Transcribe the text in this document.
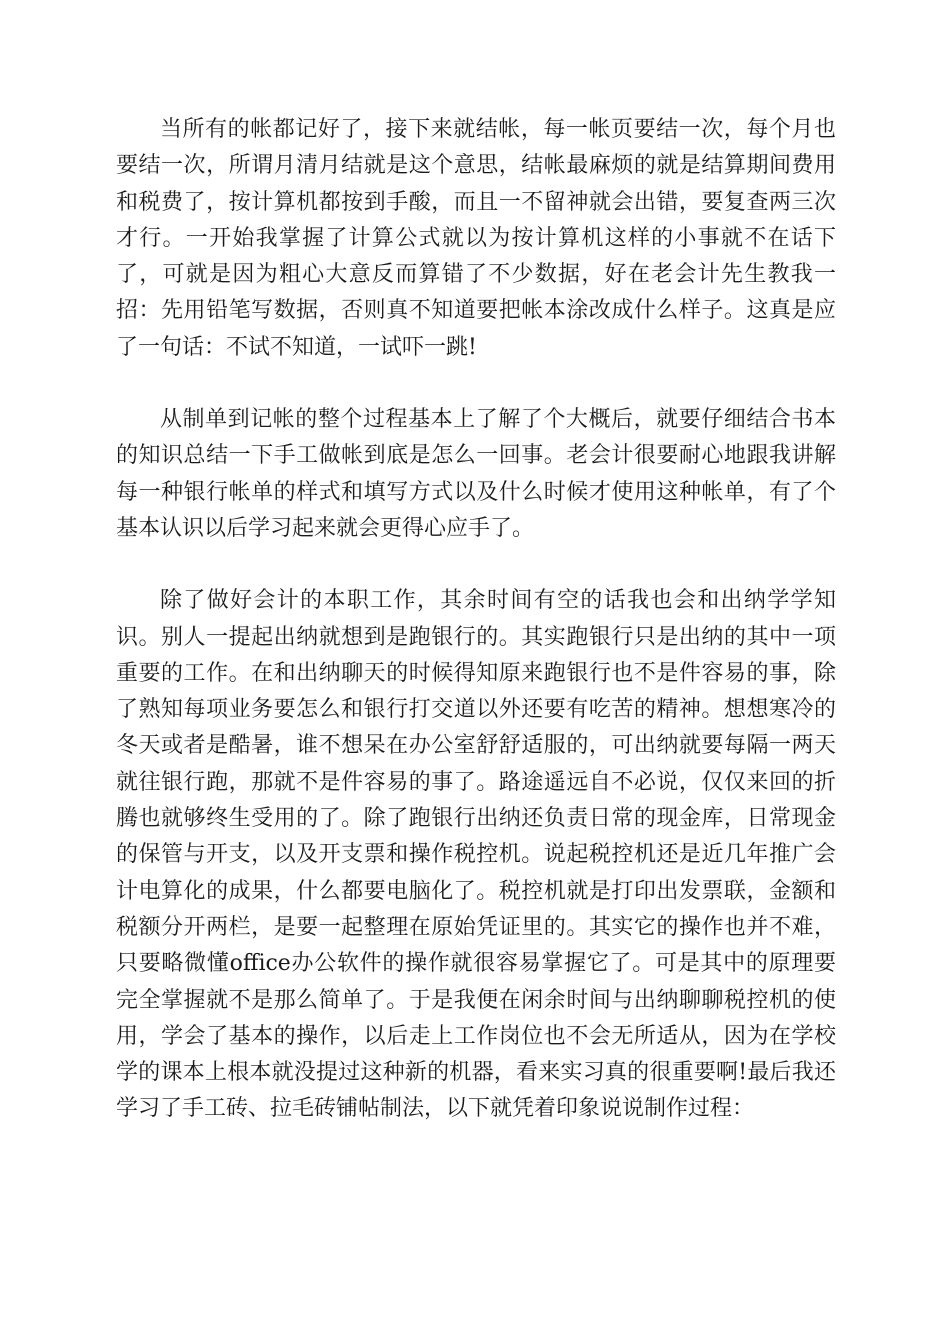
当所有的帐都记好了，接下来就结帐，每一帐页要结一次，每个月也要结一次，所谓月清月结就是这个意思，结帐最麻烦的就是结算期间费用和税费了，按计算机都按到手酸，而且一不留神就会出错，要复查两三次才行。一开始我掌握了计算公式就以为按计算机这样的小事就不在话下了，可就是因为粗心大意反而算错了不少数据，好在老会计先生教我一招：先用铅笔写数据，否则真不知道要把帐本涂改成什么样子。这真是应了一句话：不试不知道，一试吓一跳!

从制单到记帐的整个过程基本上了解了个大概后，就要仔细结合书本的知识总结一下手工做帐到底是怎么一回事。老会计很要耐心地跟我讲解每一种银行帐单的样式和填写方式以及什么时候才使用这种帐单，有了个基本认识以后学习起来就会更得心应手了。

除了做好会计的本职工作，其余时间有空的话我也会和出纳学学知识。别人一提起出纳就想到是跑银行的。其实跑银行只是出纳的其中一项重要的工作。在和出纳聊天的时候得知原来跑银行也不是件容易的事，除了熟知每项业务要怎么和银行打交道以外还要有吃苦的精神。想想寒冷的冬天或者是酷暑，谁不想呆在办公室舒舒适服的，可出纳就要每隔一两天就往银行跑，那就不是件容易的事了。路途遥远自不必说，仅仅来回的折腾也就够终生受用的了。除了跑银行出纳还负责日常的现金库，日常现金的保管与开支，以及开支票和操作税控机。说起税控机还是近几年推广会计电算化的成果，什么都要电脑化了。税控机就是打印出发票联，金额和税额分开两栏，是要一起整理在原始凭证里的。其实它的操作也并不难，只要略微懂office办公软件的操作就很容易掌握它了。可是其中的原理要完全掌握就不是那么简单了。于是我便在闲余时间与出纳聊聊税控机的使用，学会了基本的操作，以后走上工作岗位也不会无所适从，因为在学校学的课本上根本就没提过这种新的机器，看来实习真的很重要啊!最后我还学习了手工砖、拉毛砖铺帖制法，以下就凭着印象说说制作过程：
